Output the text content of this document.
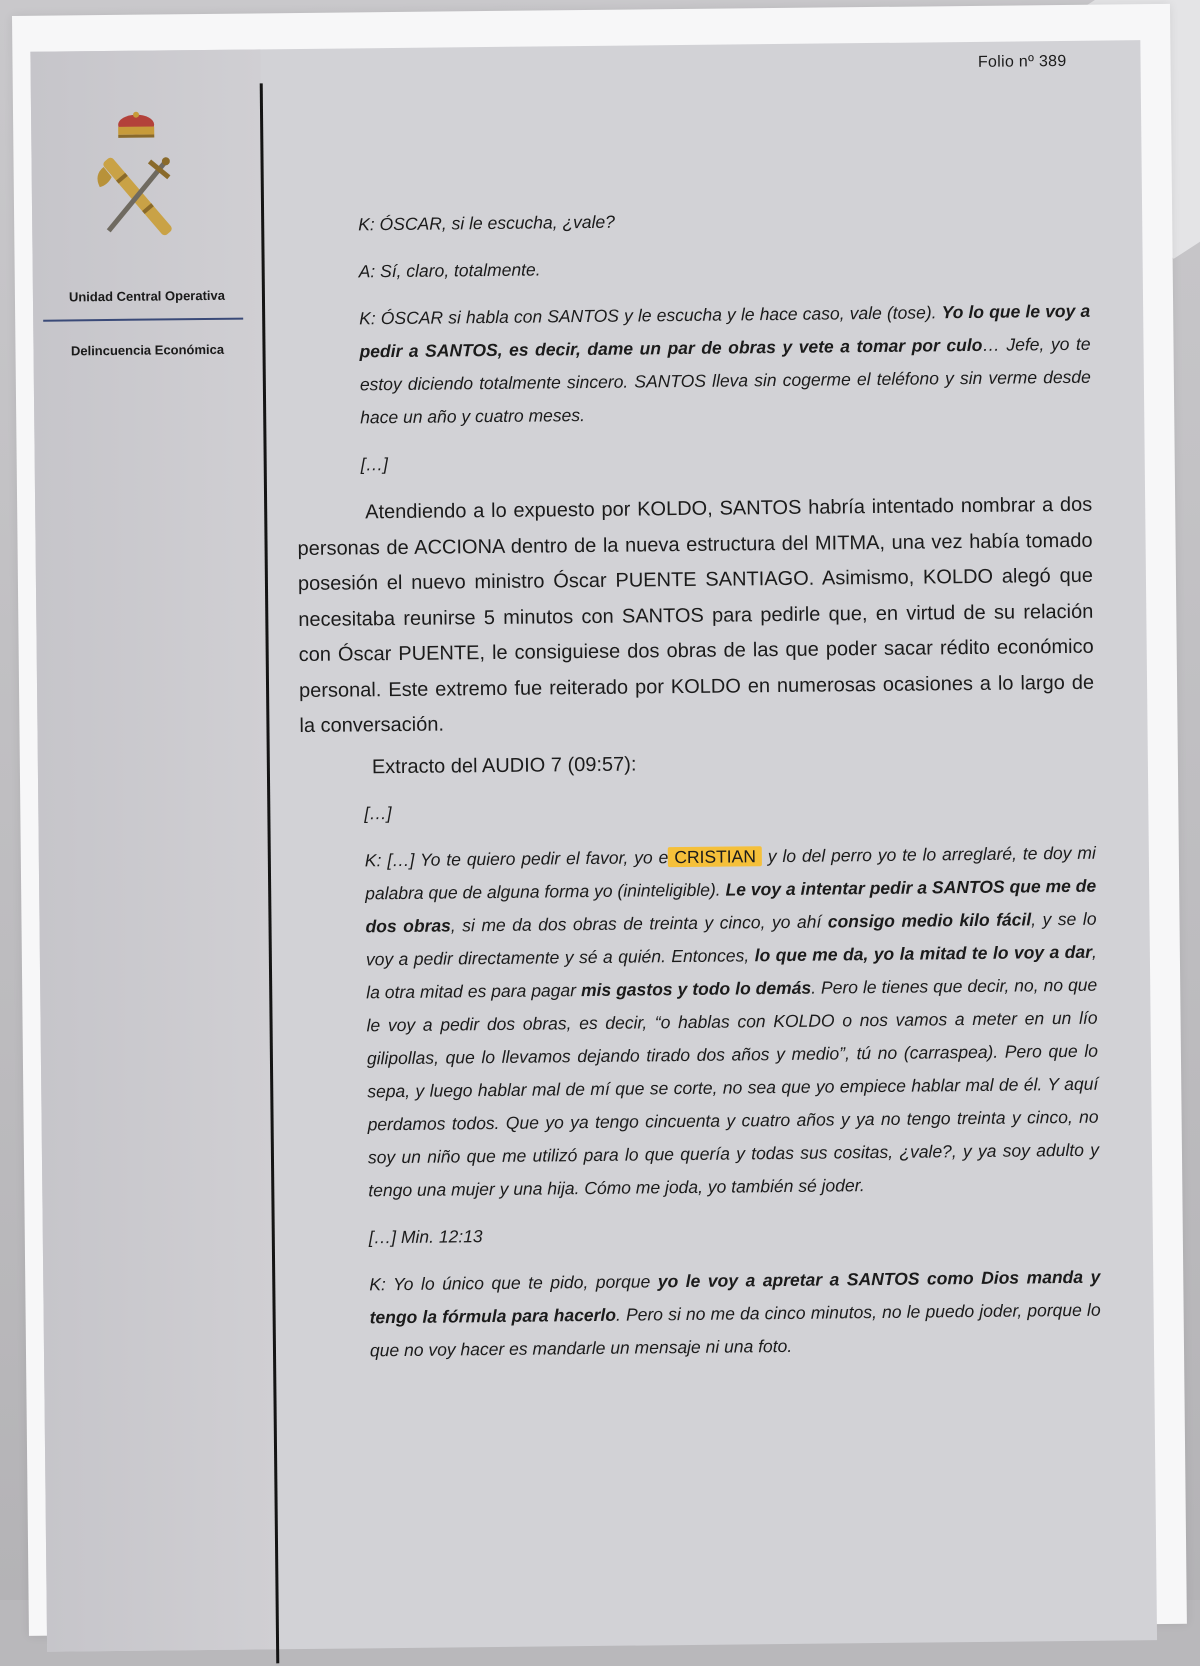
Folio nº 389
Unidad Central Operativa
Delincuencia Económica

K: ÓSCAR, si le escucha, ¿vale?

A: Sí, claro, totalmente.

K: ÓSCAR si habla con SANTOS y le escucha y le hace caso, vale (tose). Yo lo que le voy a pedir a SANTOS, es decir, dame un par de obras y vete a tomar por culo… Jefe, yo te estoy diciendo totalmente sincero. SANTOS lleva sin cogerme el teléfono y sin verme desde hace un año y cuatro meses.

[…]

Atendiendo a lo expuesto por KOLDO, SANTOS habría intentado nombrar a dos personas de ACCIONA dentro de la nueva estructura del MITMA, una vez había tomado posesión el nuevo ministro Óscar PUENTE SANTIAGO. Asimismo, KOLDO alegó que necesitaba reunirse 5 minutos con SANTOS para pedirle que, en virtud de su relación con Óscar PUENTE, le consiguiese dos obras de las que poder sacar rédito económico personal. Este extremo fue reiterado por KOLDO en numerosas ocasiones a lo largo de la conversación.

Extracto del AUDIO 7 (09:57):

[…]

K: […] Yo te quiero pedir el favor, yo e CRISTIAN y lo del perro yo te lo arreglaré, te doy mi palabra que de alguna forma yo (ininteligible). Le voy a intentar pedir a SANTOS que me de dos obras, si me da dos obras de treinta y cinco, yo ahí consigo medio kilo fácil, y se lo voy a pedir directamente y sé a quién. Entonces, lo que me da, yo la mitad te lo voy a dar, la otra mitad es para pagar mis gastos y todo lo demás. Pero le tienes que decir, no, no que le voy a pedir dos obras, es decir, “o hablas con KOLDO o nos vamos a meter en un lío gilipollas, que lo llevamos dejando tirado dos años y medio”, tú no (carraspea). Pero que lo sepa, y luego hablar mal de mí que se corte, no sea que yo empiece hablar mal de él. Y aquí perdamos todos. Que yo ya tengo cincuenta y cuatro años y ya no tengo treinta y cinco, no soy un niño que me utilizó para lo que quería y todas sus cositas, ¿vale?, y ya soy adulto y tengo una mujer y una hija. Cómo me joda, yo también sé joder.

[…] Min. 12:13

K: Yo lo único que te pido, porque yo le voy a apretar a SANTOS como Dios manda y tengo la fórmula para hacerlo. Pero si no me da cinco minutos, no le puedo joder, porque lo que no voy hacer es mandarle un mensaje ni una foto.
